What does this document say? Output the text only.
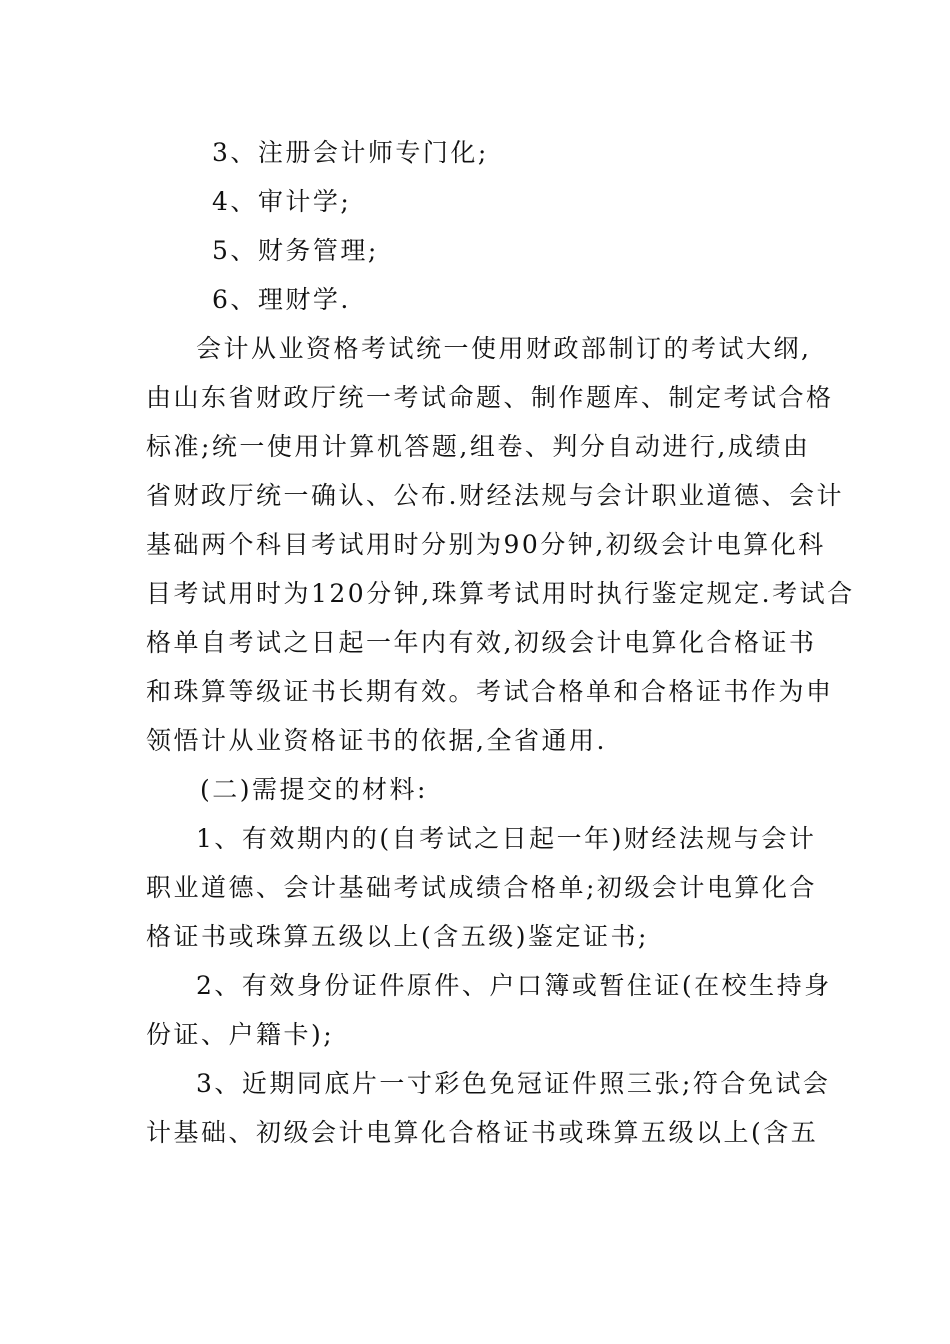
3、注册会计师专门化;
4、审计学;
5、财务管理;
6、理财学.
会计从业资格考试统一使用财政部制订的考试大纲,
由山东省财政厅统一考试命题、制作题库、制定考试合格
标准;统一使用计算机答题,组卷、判分自动进行,成绩由
省财政厅统一确认、公布.财经法规与会计职业道德、会计
基础两个科目考试用时分别为90分钟,初级会计电算化科
目考试用时为120分钟,珠算考试用时执行鉴定规定.考试合
格单自考试之日起一年内有效,初级会计电算化合格证书
和珠算等级证书长期有效。考试合格单和合格证书作为申
领悟计从业资格证书的依据,全省通用.
(二)需提交的材料:
1、有效期内的(自考试之日起一年)财经法规与会计
职业道德、会计基础考试成绩合格单;初级会计电算化合
格证书或珠算五级以上(含五级)鉴定证书;
2、有效身份证件原件、户口簿或暂住证(在校生持身
份证、户籍卡);
3、近期同底片一寸彩色免冠证件照三张;符合免试会
计基础、初级会计电算化合格证书或珠算五级以上(含五
